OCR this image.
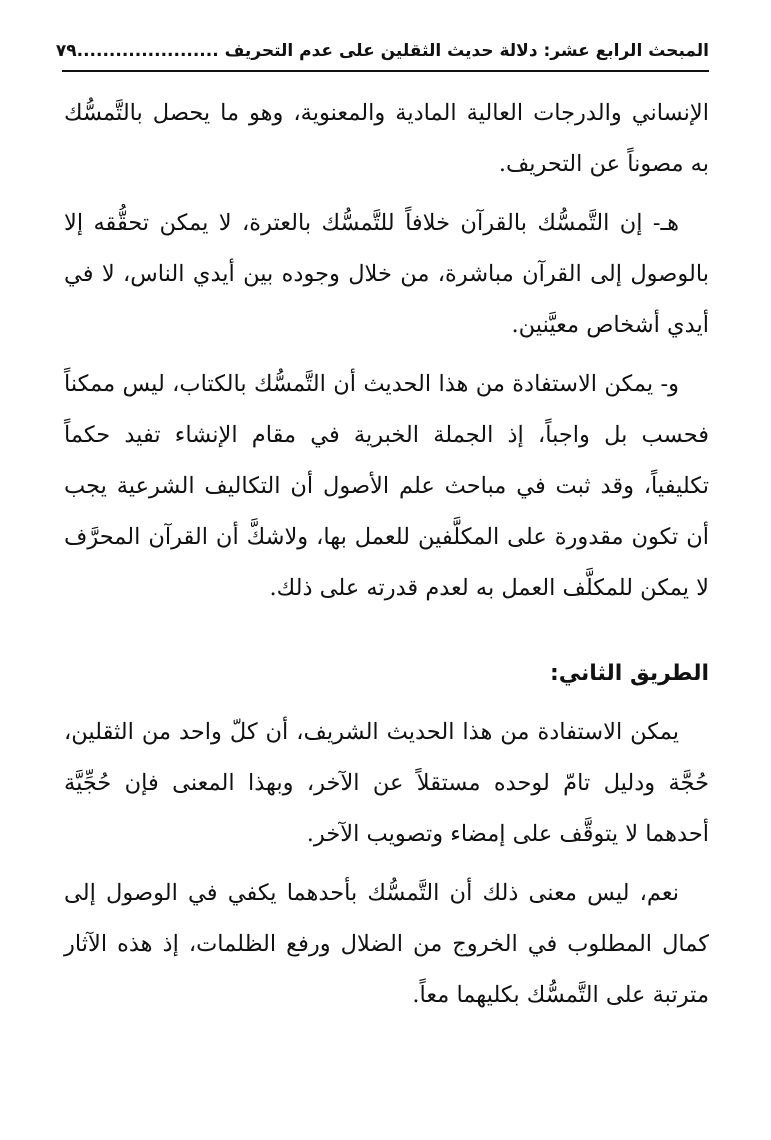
المبحث الرابع عشر: دلالة حديث الثقلين على عدم التحريف ......................
٧٩

الإنساني والدرجات العالية المادية والمعنوية، وهو ما يحصل بالتَّمسُّك به مصوناً عن التحريف.

هـ- إن التَّمسُّك بالقرآن خلافاً للتَّمسُّك بالعترة، لا يمكن تحقُّقه إلا بالوصول إلى القرآن مباشرة، من خلال وجوده بين أيدي الناس، لا في أيدي أشخاص معيَّنين.

و- يمكن الاستفادة من هذا الحديث أن التَّمسُّك بالكتاب، ليس ممكناً فحسب بل واجباً، إذ الجملة الخبرية في مقام الإنشاء تفيد حكماً تكليفياً، وقد ثبت في مباحث علم الأصول أن التكاليف الشرعية يجب أن تكون مقدورة على المكلَّفين للعمل بها، ولاشكَّ أن القرآن المحرَّف لا يمكن للمكلَّف العمل به لعدم قدرته على ذلك.

الطريق الثاني:

يمكن الاستفادة من هذا الحديث الشريف، أن كلّ واحد من الثقلين، حُجَّة ودليل تامّ لوحده مستقلاً عن الآخر، وبهذا المعنى فإن حُجِّيَّة أحدهما لا يتوقَّف على إمضاء وتصويب الآخر.

نعم، ليس معنى ذلك أن التَّمسُّك بأحدهما يكفي في الوصول إلى كمال المطلوب في الخروج من الضلال ورفع الظلمات، إذ هذه الآثار مترتبة على التَّمسُّك بكليهما معاً.
